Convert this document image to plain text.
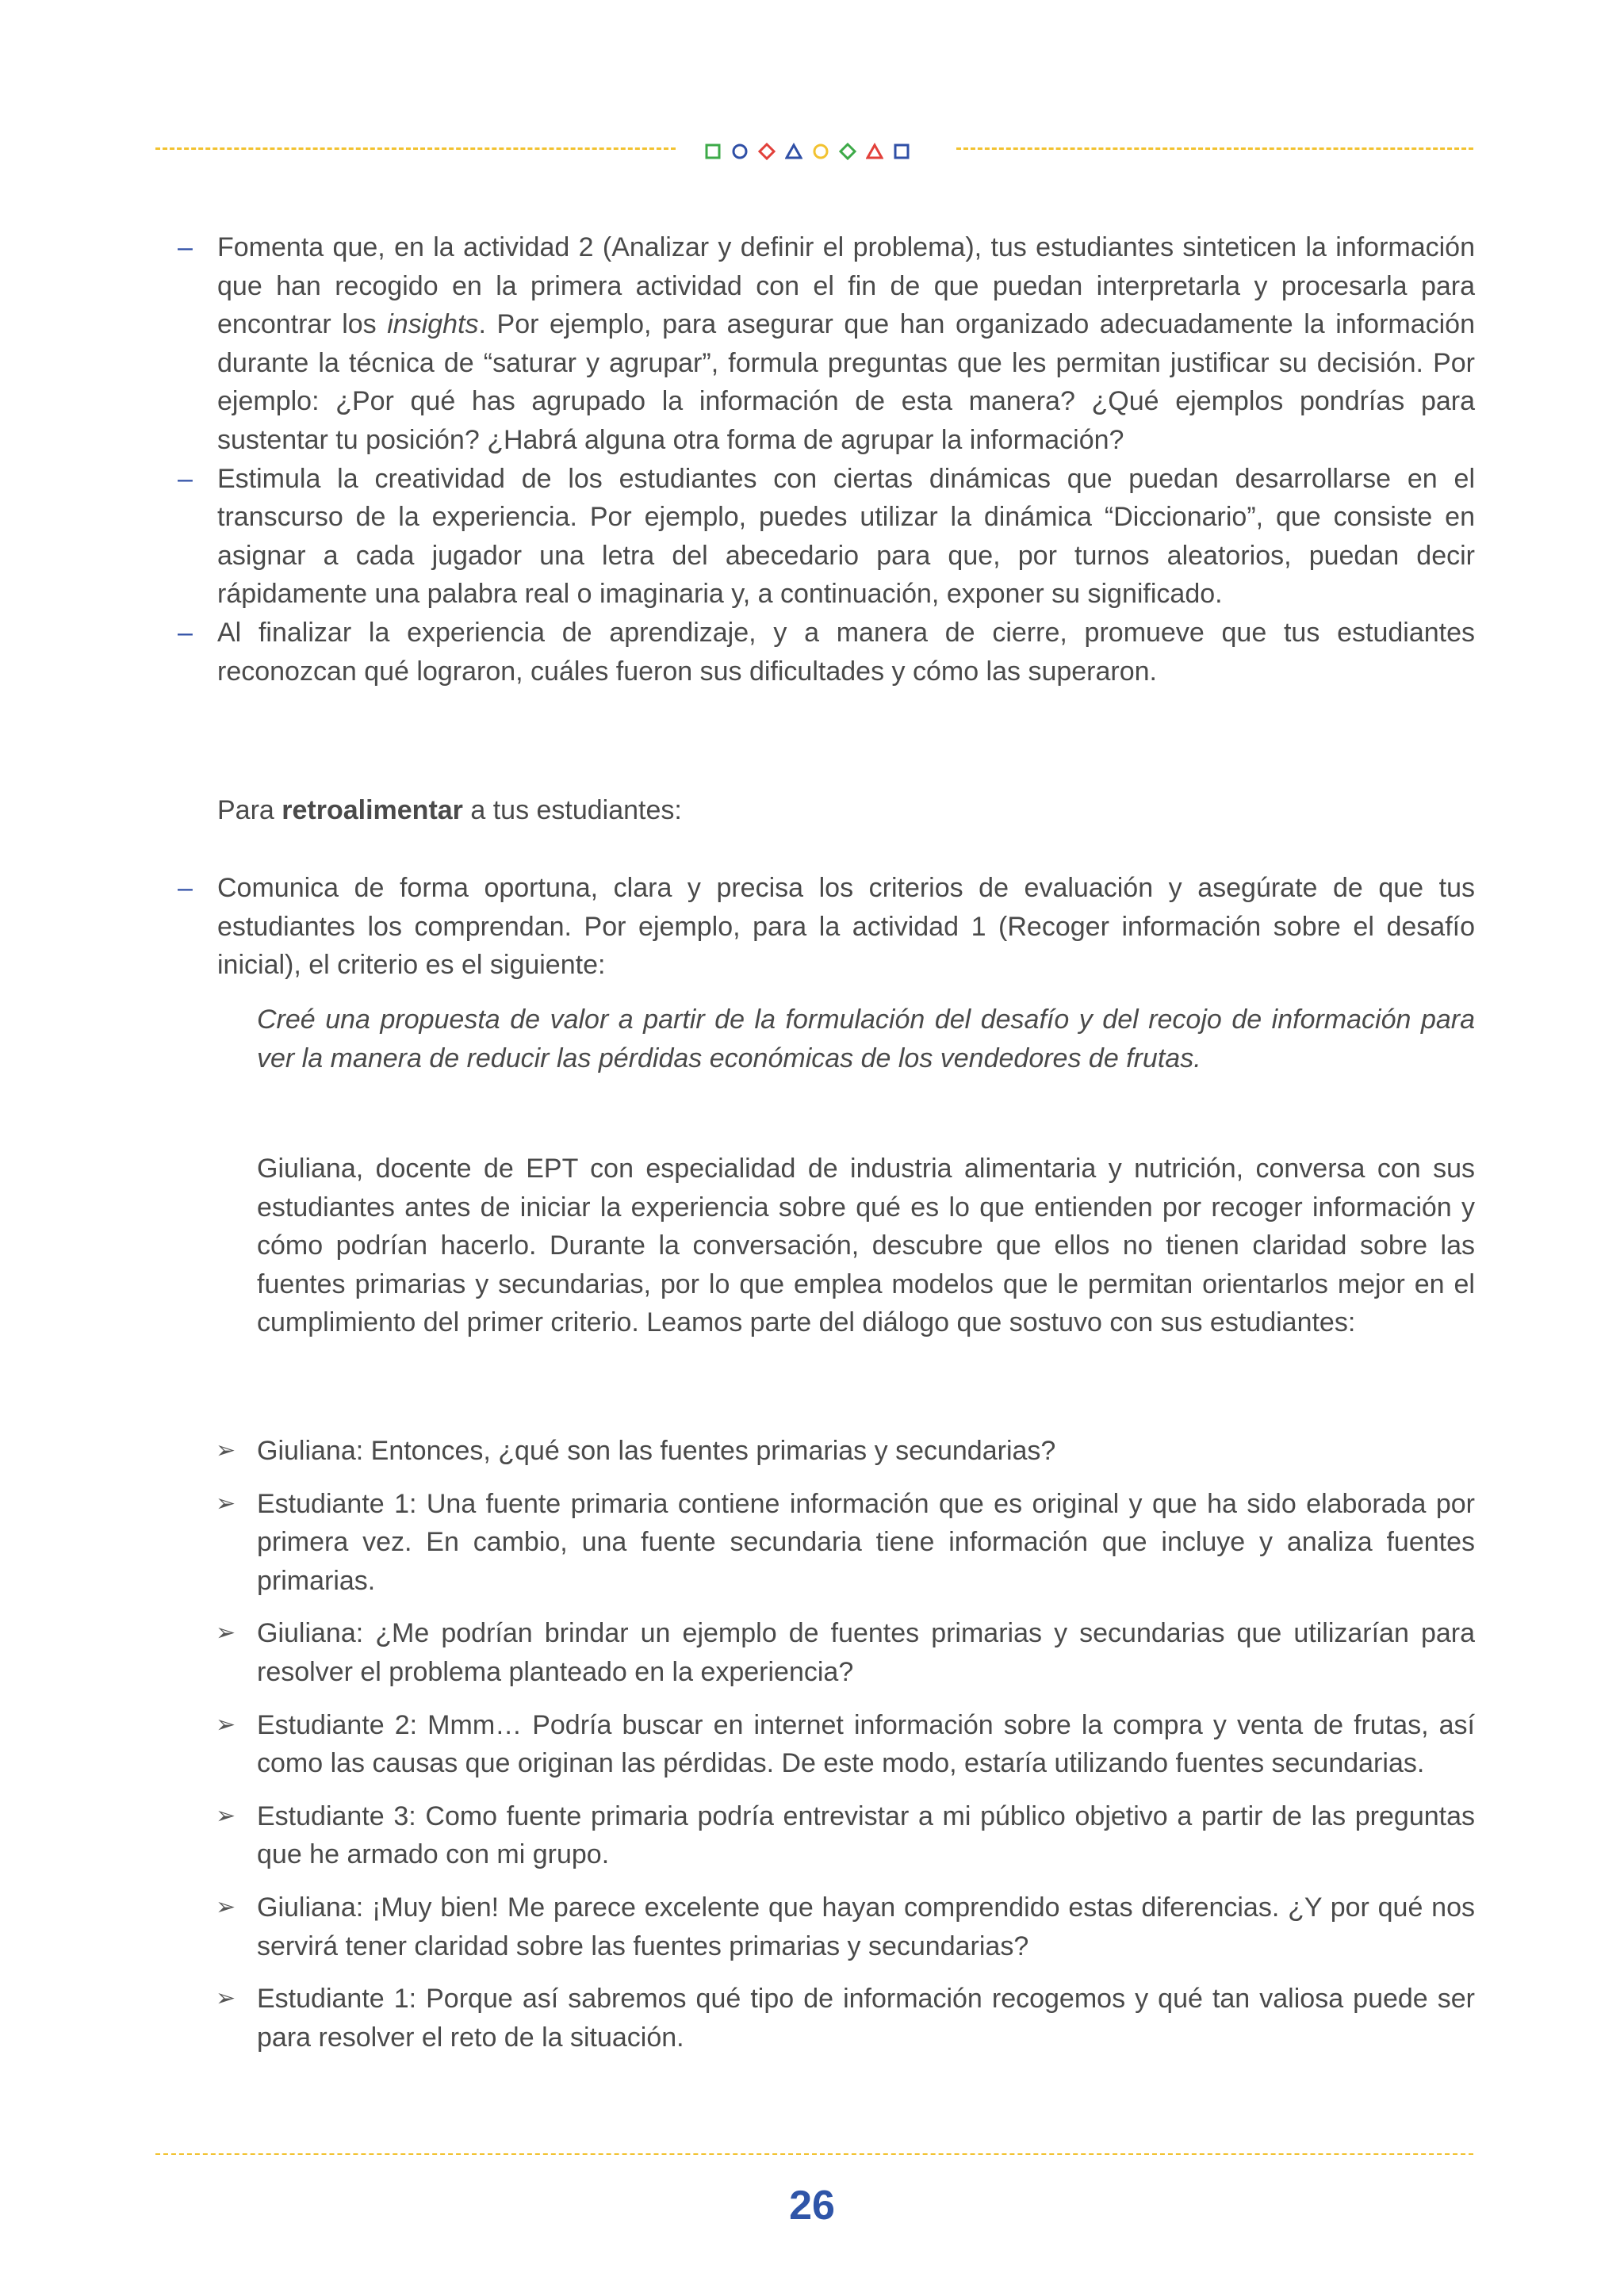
– Fomenta que, en la actividad 2 (Analizar y definir el problema), tus estudiantes sinteticen la información que han recogido en la primera actividad con el fin de que puedan interpretarla y procesarla para encontrar los insights. Por ejemplo, para asegurar que han organizado adecuadamente la información durante la técnica de “saturar y agrupar”, formula preguntas que les permitan justificar su decisión. Por ejemplo: ¿Por qué has agrupado la información de esta manera? ¿Qué ejemplos pondrías para sustentar tu posición? ¿Habrá alguna otra forma de agrupar la información?
– Estimula la creatividad de los estudiantes con ciertas dinámicas que puedan desarrollarse en el transcurso de la experiencia. Por ejemplo, puedes utilizar la dinámica “Diccionario”, que consiste en asignar a cada jugador una letra del abecedario para que, por turnos aleatorios, puedan decir rápidamente una palabra real o imaginaria y, a continuación, exponer su significado.
– Al finalizar la experiencia de aprendizaje, y a manera de cierre, promueve que tus estudiantes reconozcan qué lograron, cuáles fueron sus dificultades y cómo las superaron.

Para retroalimentar a tus estudiantes:

– Comunica de forma oportuna, clara y precisa los criterios de evaluación y asegúrate de que tus estudiantes los comprendan. Por ejemplo, para la actividad 1 (Recoger información sobre el desafío inicial), el criterio es el siguiente:

Creé una propuesta de valor a partir de la formulación del desafío y del recojo de información para ver la manera de reducir las pérdidas económicas de los vendedores de frutas.

Giuliana, docente de EPT con especialidad de industria alimentaria y nutrición, conversa con sus estudiantes antes de iniciar la experiencia sobre qué es lo que entienden por recoger información y cómo podrían hacerlo. Durante la conversación, descubre que ellos no tienen claridad sobre las fuentes primarias y secundarias, por lo que emplea modelos que le permitan orientarlos mejor en el cumplimiento del primer criterio. Leamos parte del diálogo que sostuvo con sus estudiantes:

➢ Giuliana: Entonces, ¿qué son las fuentes primarias y secundarias?
➢ Estudiante 1: Una fuente primaria contiene información que es original y que ha sido elaborada por primera vez. En cambio, una fuente secundaria tiene información que incluye y analiza fuentes primarias.
➢ Giuliana: ¿Me podrían brindar un ejemplo de fuentes primarias y secundarias que utilizarían para resolver el problema planteado en la experiencia?
➢ Estudiante 2: Mmm… Podría buscar en internet información sobre la compra y venta de frutas, así como las causas que originan las pérdidas. De este modo, estaría utilizando fuentes secundarias.
➢ Estudiante 3: Como fuente primaria podría entrevistar a mi público objetivo a partir de las preguntas que he armado con mi grupo.
➢ Giuliana: ¡Muy bien! Me parece excelente que hayan comprendido estas diferencias. ¿Y por qué nos servirá tener claridad sobre las fuentes primarias y secundarias?
➢ Estudiante 1: Porque así sabremos qué tipo de información recogemos y qué tan valiosa puede ser para resolver el reto de la situación.
26
